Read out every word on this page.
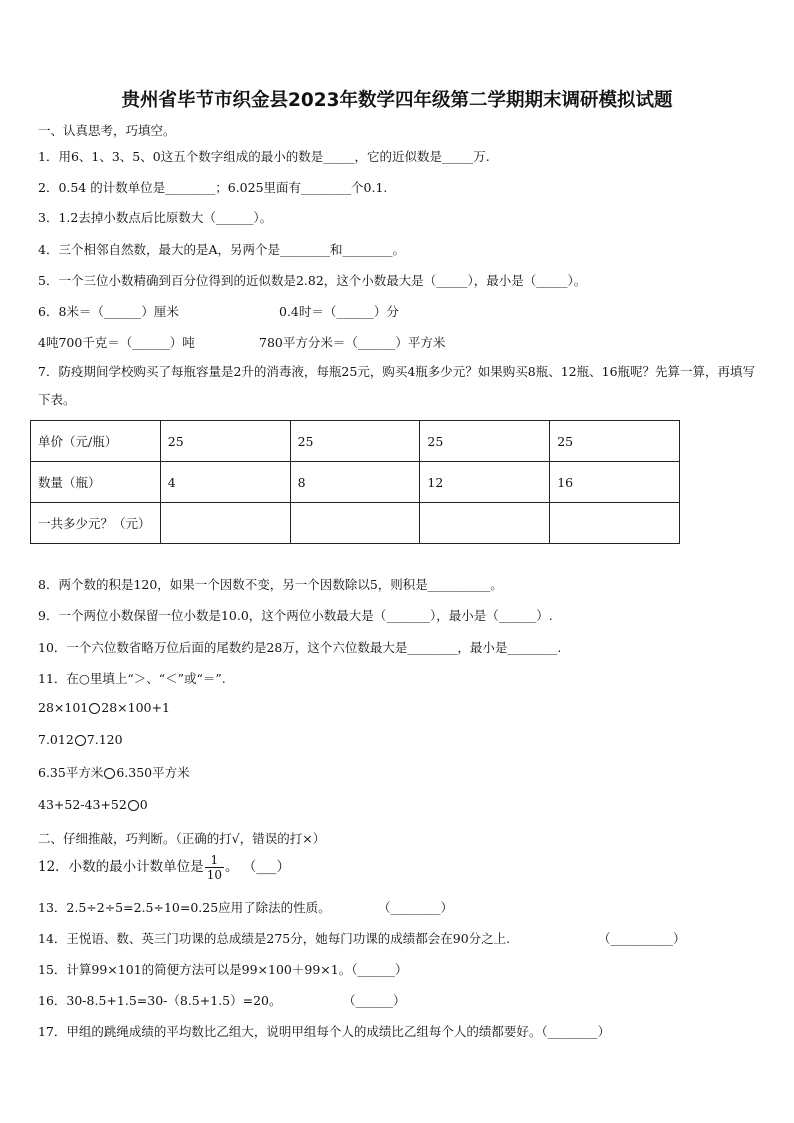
贵州省毕节市织金县2023年数学四年级第二学期期末调研模拟试题
一、认真思考，巧填空。
1．用6、1、3、5、0这五个数字组成的最小的数是_____，它的近似数是_____万.
2．0.54 的计数单位是________；6.025里面有________个0.1.
3．1.2去掉小数点后比原数大（______）。
4．三个相邻自然数，最大的是A，另两个是________和________。
5．一个三位小数精确到百分位得到的近似数是2.82，这个小数最大是（_____），最小是（_____）。
6．8米＝（______）厘米	0.4时＝（______）分
4吨700千克＝（______）吨	780平方分米＝（______）平方米
7．防疫期间学校购买了每瓶容量是2升的消毒液，每瓶25元，购买4瓶多少元？如果购买8瓶、12瓶、16瓶呢？先算一算，再填写下表。
单价（元/瓶）	25	25	25	25
数量（瓶）	4	8	12	16
一共多少元？（元）				
8．两个数的积是120，如果一个因数不变，另一个因数除以5，则积是__________。
9．一个两位小数保留一位小数是10.0，这个两位小数最大是（_______），最小是（______）.
10．一个六位数省略万位后面的尾数约是28万，这个六位数最大是________，最小是________.
11．在○里填上“＞、“＜”或“＝”.
28×101 28×100+1
7.012 7.120
6.35平方米 6.350平方米
43+52-43+52 0
二、仔细推敲，巧判断。（正确的打√，错误的打×）
12．小数的最小计数单位是 $\frac{1}{10}$ 。 （___）
13．2.5÷2÷5=2.5÷10=0.25应用了除法的性质。	（________）
14．王悦语、数、英三门功课的总成绩是275分，她每门功课的成绩都会在90分之上.	（__________）
15．计算99×101的简便方法可以是99×100＋99×1。（______）
16．30-8.5+1.5=30-（8.5+1.5）=20。	（______）
17．甲组的跳绳成绩的平均数比乙组大，说明甲组每个人的成绩比乙组每个人的绩都要好。（________）
